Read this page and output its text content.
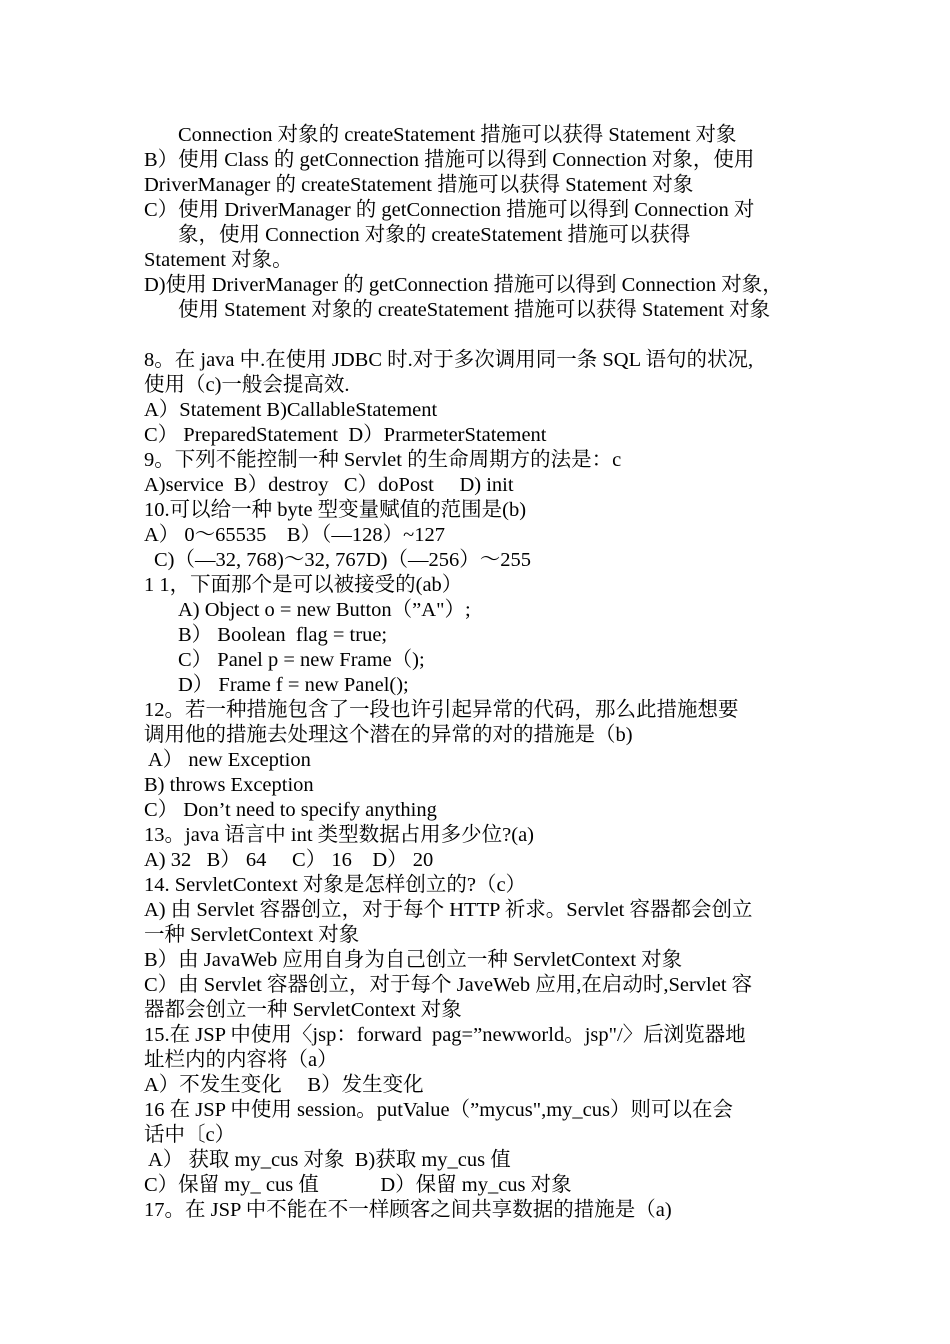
Connection 对象的 createStatement 措施可以获得 Statement 对象
B）使用 Class 的 getConnection 措施可以得到 Connection 对象，使用
DriverManager 的 createStatement 措施可以获得 Statement 对象
C）使用 DriverManager 的 getConnection 措施可以得到 Connection 对
象，使用 Connection 对象的 createStatement 措施可以获得
Statement 对象。
D)使用 DriverManager 的 getConnection 措施可以得到 Connection 对象，
使用 Statement 对象的 createStatement 措施可以获得 Statement 对象
8。在 java 中.在使用 JDBC 时.对于多次调用同一条 SQL 语句的状况,
使用（c)一般会提高效.
A）Statement B)CallableStatement
C） PreparedStatement  D）PrarmeterStatement
9。下列不能控制一种 Servlet 的生命周期方的法是：c
A)service  B）destroy   C）doPost     D) init
10.可以给一种 byte 型变量赋值的范围是(b)
A） 0～65535    B）（—128）~127
C)（—32, 768)～32, 767D)（—256）～255
1 1，下面那个是可以被接受的(ab）
A) Object o = new Button（”A"）;
B） Boolean  flag = true;
C） Panel p = new Frame（);
D） Frame f = new Panel();
12。若一种措施包含了一段也许引起异常的代码，那么此措施想要
调用他的措施去处理这个潜在的异常的对的措施是（b)
A） new Exception
B) throws Exception
C） Don’t need to specify anything
13。java 语言中 int 类型数据占用多少位?(a)
A) 32   B） 64     C） 16    D） 20
14. ServletContext 对象是怎样创立的?（c）
A) 由 Servlet 容器创立，对于每个 HTTP 祈求。Servlet 容器都会创立
一种 ServletContext 对象
B）由 JavaWeb 应用自身为自己创立一种 ServletContext 对象
C）由 Servlet 容器创立，对于每个 JaveWeb 应用,在启动时,Servlet 容
器都会创立一种 ServletContext 对象
15.在 JSP 中使用〈jsp：forward  pag=”newworld。jsp"/〉后浏览器地
址栏内的内容将（a）
A）不发生变化     B）发生变化
16 在 JSP 中使用 session。putValue（”mycus",my_cus）则可以在会
话中〔c）
A） 获取 my_cus 对象  B)获取 my_cus 值
C）保留 my_ cus 值            D）保留 my_cus 对象
17。在 JSP 中不能在不一样顾客之间共享数据的措施是（a)
